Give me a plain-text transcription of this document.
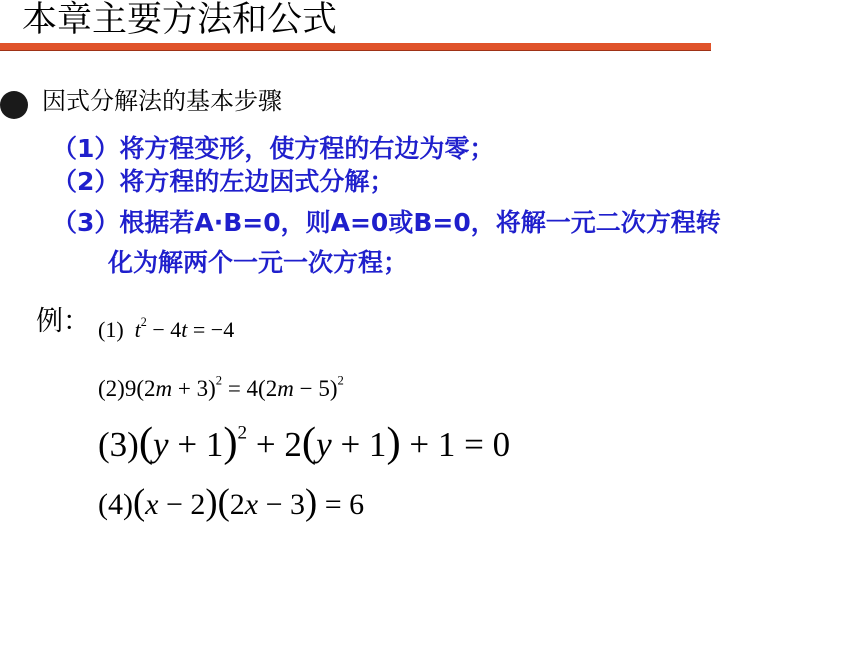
本章主要方法和公式
因式分解法的基本步骤
（1）将方程变形，使方程的右边为零；
（2）将方程的左边因式分解；
（3）根据若A·B=0，则A=0或B=0，将解一元二次方程转
化为解两个一元一次方程；
例： (1)  $t^2 - 4t = -4$
$(2)9(2m + 3)^2 = 4(2m - 5)^2$
$(3)(y + 1)^2 + 2(y + 1) + 1 = 0$
(4)(x − 2)(2x − 3) = 6
